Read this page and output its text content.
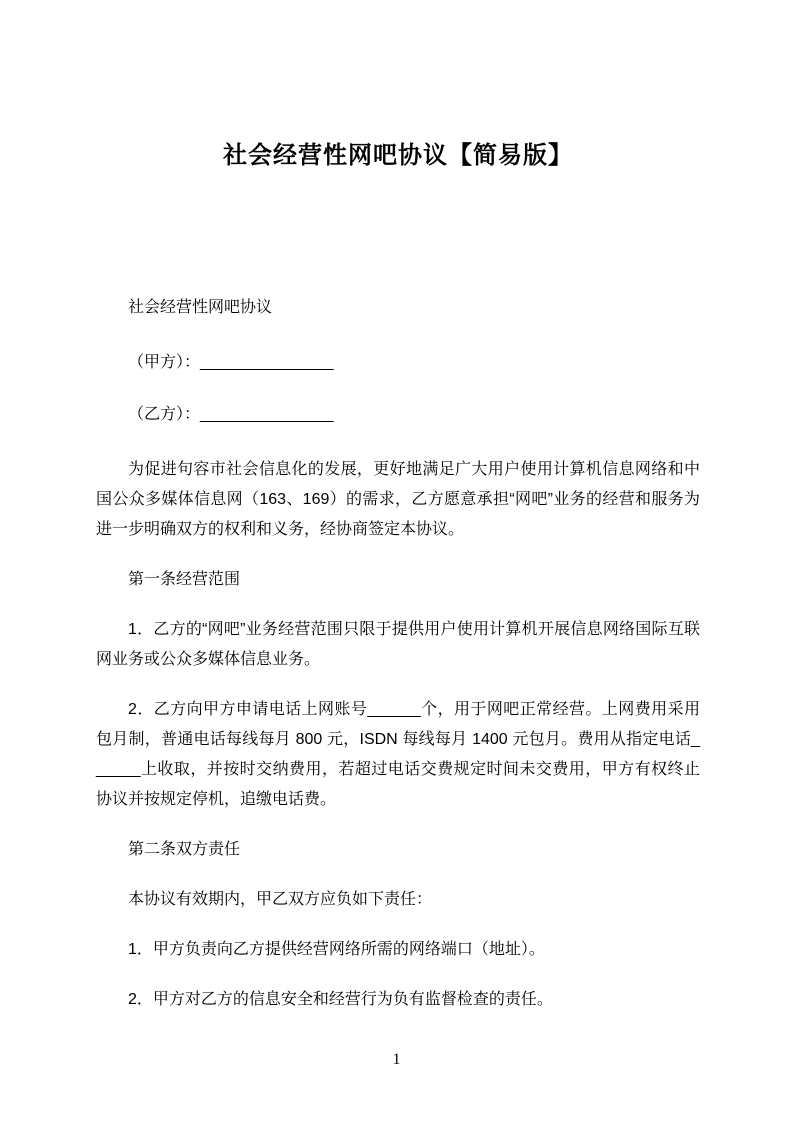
社会经营性网吧协议【简易版】

社会经营性网吧协议

（甲方）：_______________

（乙方）：_______________

为促进句容市社会信息化的发展，更好地满足广大用户使用计算机信息网络和中国公众多媒体信息网（163、169）的需求，乙方愿意承担“网吧”业务的经营和服务为进一步明确双方的权利和义务，经协商签定本协议。

第一条经营范围

1．乙方的“网吧”业务经营范围只限于提供用户使用计算机开展信息网络国际互联网业务或公众多媒体信息业务。

2．乙方向甲方申请电话上网账号______个，用于网吧正常经营。上网费用采用包月制，普通电话每线每月 800 元，ISDN 每线每月 1400 元包月。费用从指定电话______上收取，并按时交纳费用，若超过电话交费规定时间未交费用，甲方有权终止协议并按规定停机，追缴电话费。

第二条双方责任

本协议有效期内，甲乙双方应负如下责任：

1．甲方负责向乙方提供经营网络所需的网络端口（地址）。

2．甲方对乙方的信息安全和经营行为负有监督检查的责任。

1
